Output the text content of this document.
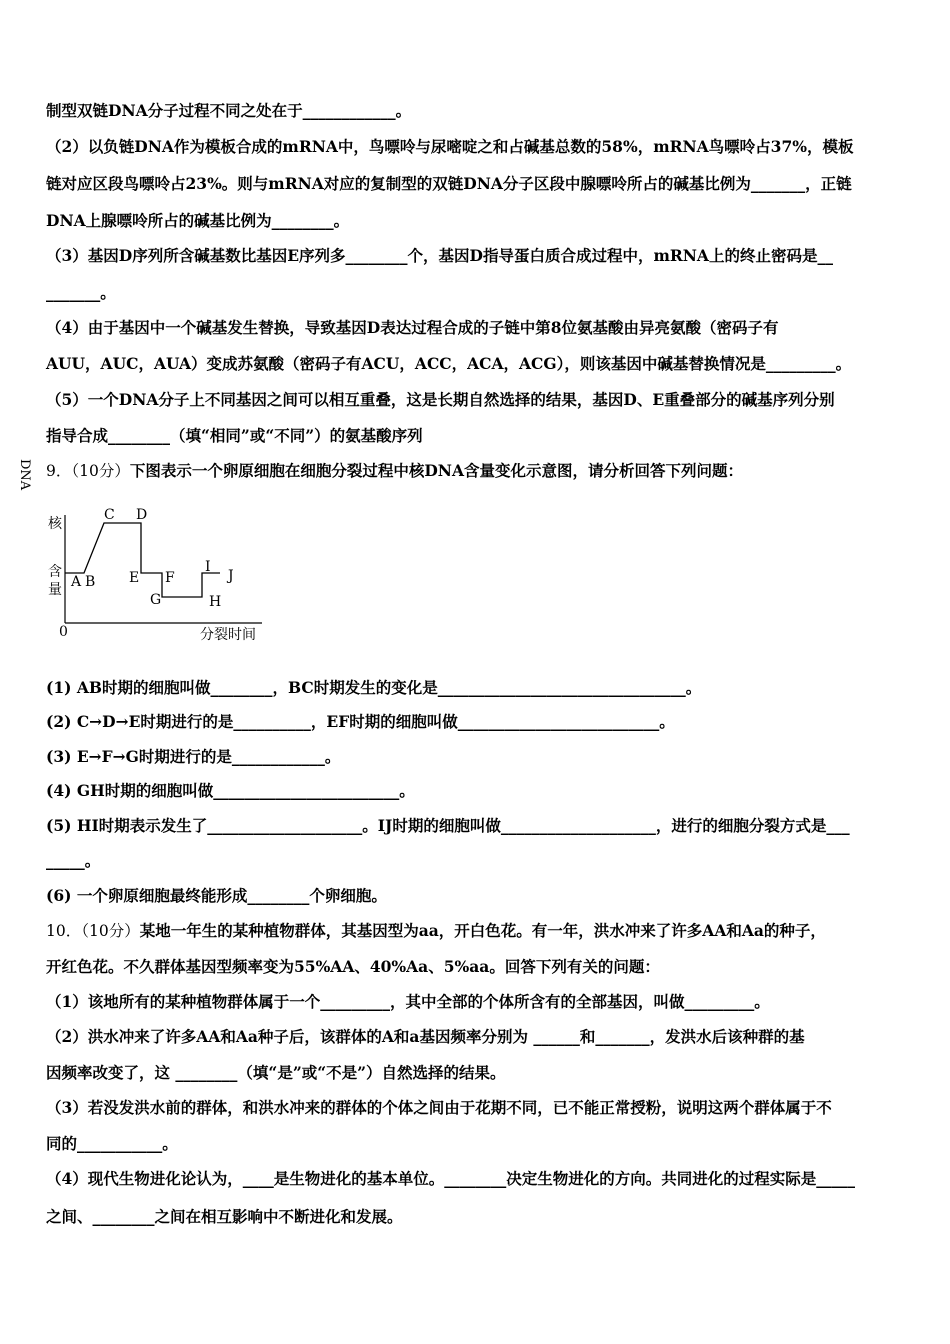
制型双链DNA分子过程不同之处在于____________。
（2）以负链DNA作为模板合成的mRNA中，鸟嘌呤与尿嘧啶之和占碱基总数的58%，mRNA鸟嘌呤占37%，模板
链对应区段鸟嘌呤占23%。则与mRNA对应的复制型的双链DNA分子区段中腺嘌呤所占的碱基比例为_______，正链
DNA上腺嘌呤所占的碱基比例为________。
（3）基因D序列所含碱基数比基因E序列多________个，基因D指导蛋白质合成过程中，mRNA上的终止密码是__
_______。
（4）由于基因中一个碱基发生替换，导致基因D表达过程合成的子链中第8位氨基酸由异亮氨酸（密码子有
AUU，AUC，AUA）变成苏氨酸（密码子有ACU，ACC，ACA，ACG），则该基因中碱基替换情况是_________。
（5）一个DNA分子上不同基因之间可以相互重叠，这是长期自然选择的结果，基因D、E重叠部分的碱基序列分别
指导合成________（填“相同”或“不同”）的氨基酸序列
9．（10分）下图表示一个卵原细胞在细胞分裂过程中核DNA含量变化示意图，请分析回答下列问题：
核
DNA
含
量
0	分裂时间
A B
C D
E F
G
I
H
J
(1) AB时期的细胞叫做________，BC时期发生的变化是________________________________。
(2) C→D→E时期进行的是__________，EF时期的细胞叫做__________________________。
(3) E→F→G时期进行的是____________。
(4) GH时期的细胞叫做________________________。
(5) HI时期表示发生了____________________。IJ时期的细胞叫做____________________，进行的细胞分裂方式是___
_____。
(6) 一个卵原细胞最终能形成________个卵细胞。
10．（10分）某地一年生的某种植物群体，其基因型为aa，开白色花。有一年，洪水冲来了许多AA和Aa的种子，
开红色花。不久群体基因型频率变为55%AA、40%Aa、5%aa。回答下列有关的问题：
（1）该地所有的某种植物群体属于一个_________，其中全部的个体所含有的全部基因，叫做_________。
（2）洪水冲来了许多AA和Aa种子后，该群体的A和a基因频率分别为 ______和_______，发洪水后该种群的基
因频率改变了，这 ________（填“是”或“不是”）自然选择的结果。
（3）若没发洪水前的群体，和洪水冲来的群体的个体之间由于花期不同，已不能正常授粉，说明这两个群体属于不
同的___________。
（4）现代生物进化论认为，____是生物进化的基本单位。________决定生物进化的方向。共同进化的过程实际是_____
之间、________之间在相互影响中不断进化和发展。
